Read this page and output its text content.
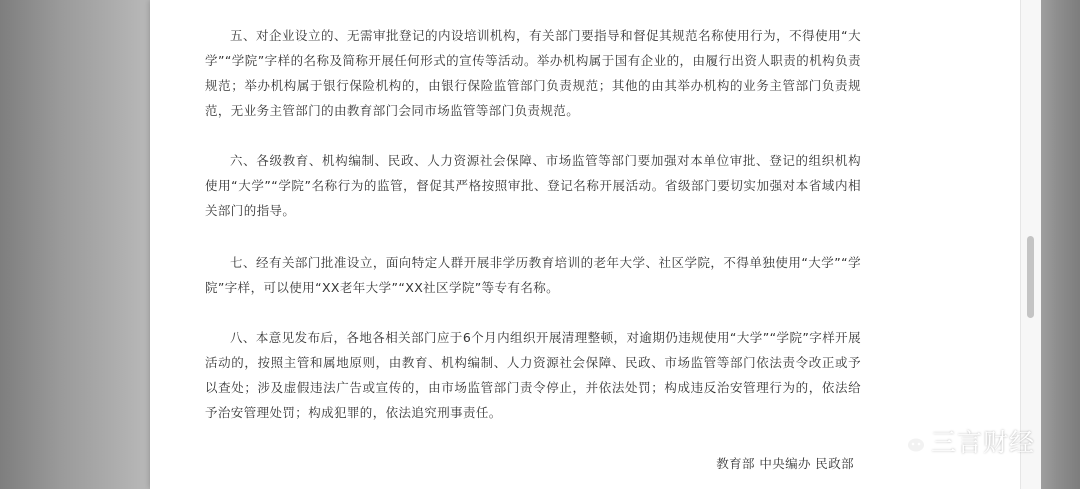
五、对企业设立的、无需审批登记的内设培训机构，有关部门要指导和督促其规范名称使用行为，不得使用“大学”“学院”字样的名称及简称开展任何形式的宣传等活动。举办机构属于国有企业的，由履行出资人职责的机构负责规范；举办机构属于银行保险机构的，由银行保险监管部门负责规范；其他的由其举办机构的业务主管部门负责规范，无业务主管部门的由教育部门会同市场监管等部门负责规范。

六、各级教育、机构编制、民政、人力资源社会保障、市场监管等部门要加强对本单位审批、登记的组织机构使用“大学”“学院”名称行为的监管，督促其严格按照审批、登记名称开展活动。省级部门要切实加强对本省域内相关部门的指导。

七、经有关部门批准设立，面向特定人群开展非学历教育培训的老年大学、社区学院，不得单独使用“大学”“学院”字样，可以使用“XX老年大学”“XX社区学院”等专有名称。

八、本意见发布后，各地各相关部门应于6个月内组织开展清理整顿，对逾期仍违规使用“大学”“学院”字样开展活动的，按照主管和属地原则，由教育、机构编制、人力资源社会保障、民政、市场监管等部门依法责令改正或予以查处；涉及虚假违法广告或宣传的，由市场监管部门责令停止，并依法处罚；构成违反治安管理行为的，依法给予治安管理处罚；构成犯罪的，依法追究刑事责任。

教育部 中央编办 民政部
三言财经
